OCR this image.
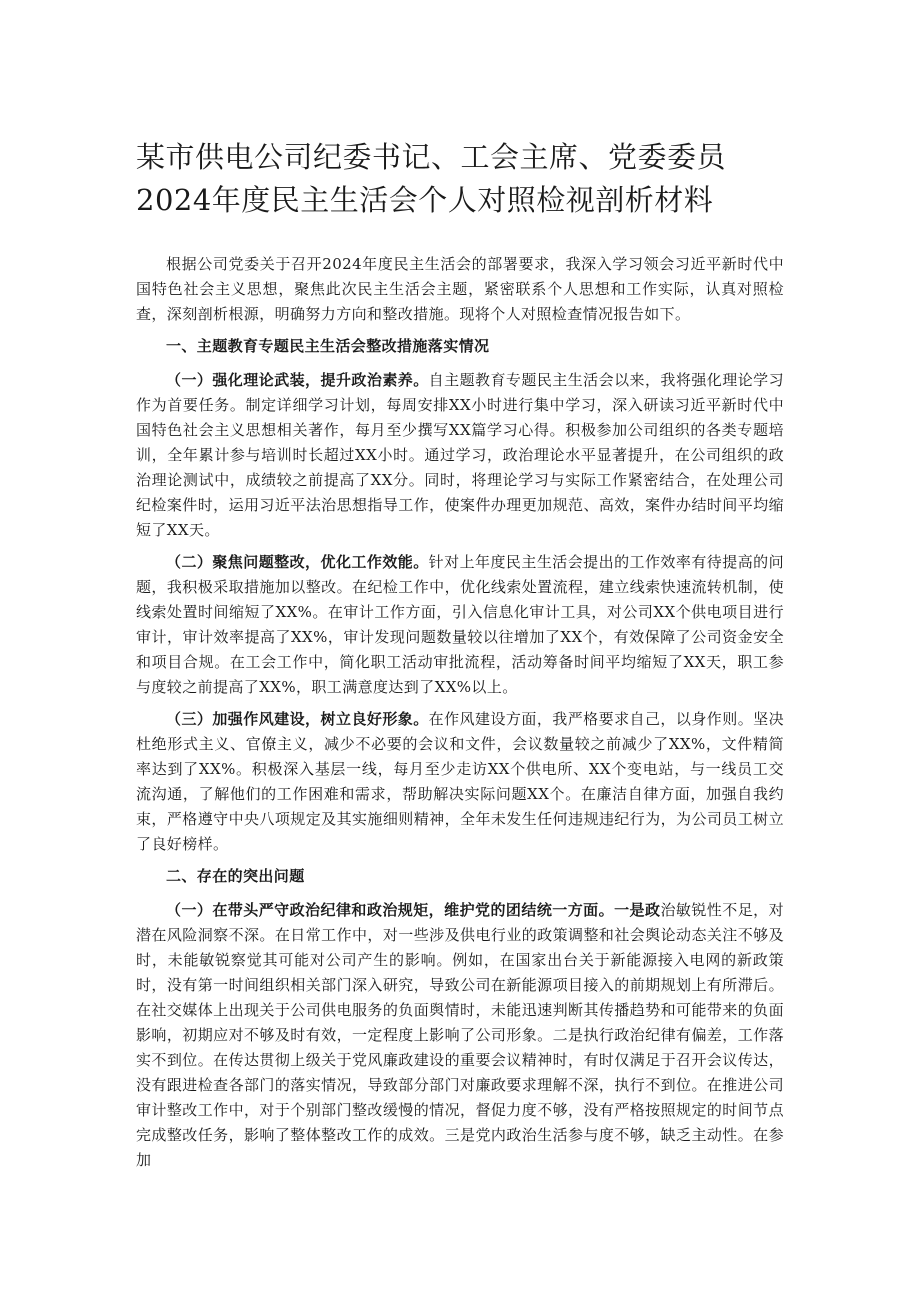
某市供电公司纪委书记、工会主席、党委委员2024年度民主生活会个人对照检视剖析材料

根据公司党委关于召开2024年度民主生活会的部署要求，我深入学习领会习近平新时代中国特色社会主义思想，聚焦此次民主生活会主题，紧密联系个人思想和工作实际，认真对照检查，深刻剖析根源，明确努力方向和整改措施。现将个人对照检查情况报告如下。

一、主题教育专题民主生活会整改措施落实情况

（一）强化理论武装，提升政治素养。自主题教育专题民主生活会以来，我将强化理论学习作为首要任务。制定详细学习计划，每周安排XX小时进行集中学习，深入研读习近平新时代中国特色社会主义思想相关著作，每月至少撰写XX篇学习心得。积极参加公司组织的各类专题培训，全年累计参与培训时长超过XX小时。通过学习，政治理论水平显著提升，在公司组织的政治理论测试中，成绩较之前提高了XX分。同时，将理论学习与实际工作紧密结合，在处理公司纪检案件时，运用习近平法治思想指导工作，使案件办理更加规范、高效，案件办结时间平均缩短了XX天。

（二）聚焦问题整改，优化工作效能。针对上年度民主生活会提出的工作效率有待提高的问题，我积极采取措施加以整改。在纪检工作中，优化线索处置流程，建立线索快速流转机制，使线索处置时间缩短了XX%。在审计工作方面，引入信息化审计工具，对公司XX个供电项目进行审计，审计效率提高了XX%，审计发现问题数量较以往增加了XX个，有效保障了公司资金安全和项目合规。在工会工作中，简化职工活动审批流程，活动筹备时间平均缩短了XX天，职工参与度较之前提高了XX%，职工满意度达到了XX%以上。

（三）加强作风建设，树立良好形象。在作风建设方面，我严格要求自己，以身作则。坚决杜绝形式主义、官僚主义，减少不必要的会议和文件，会议数量较之前减少了XX%，文件精简率达到了XX%。积极深入基层一线，每月至少走访XX个供电所、XX个变电站，与一线员工交流沟通，了解他们的工作困难和需求，帮助解决实际问题XX个。在廉洁自律方面，加强自我约束，严格遵守中央八项规定及其实施细则精神，全年未发生任何违规违纪行为，为公司员工树立了良好榜样。

二、存在的突出问题

（一）在带头严守政治纪律和政治规矩，维护党的团结统一方面。一是政治敏锐性不足，对潜在风险洞察不深。在日常工作中，对一些涉及供电行业的政策调整和社会舆论动态关注不够及时，未能敏锐察觉其可能对公司产生的影响。例如，在国家出台关于新能源接入电网的新政策时，没有第一时间组织相关部门深入研究，导致公司在新能源项目接入的前期规划上有所滞后。在社交媒体上出现关于公司供电服务的负面舆情时，未能迅速判断其传播趋势和可能带来的负面影响，初期应对不够及时有效，一定程度上影响了公司形象。二是执行政治纪律有偏差，工作落实不到位。在传达贯彻上级关于党风廉政建设的重要会议精神时，有时仅满足于召开会议传达，没有跟进检查各部门的落实情况，导致部分部门对廉政要求理解不深，执行不到位。在推进公司审计整改工作中，对于个别部门整改缓慢的情况，督促力度不够，没有严格按照规定的时间节点完成整改任务，影响了整体整改工作的成效。三是党内政治生活参与度不够，缺乏主动性。在参加
